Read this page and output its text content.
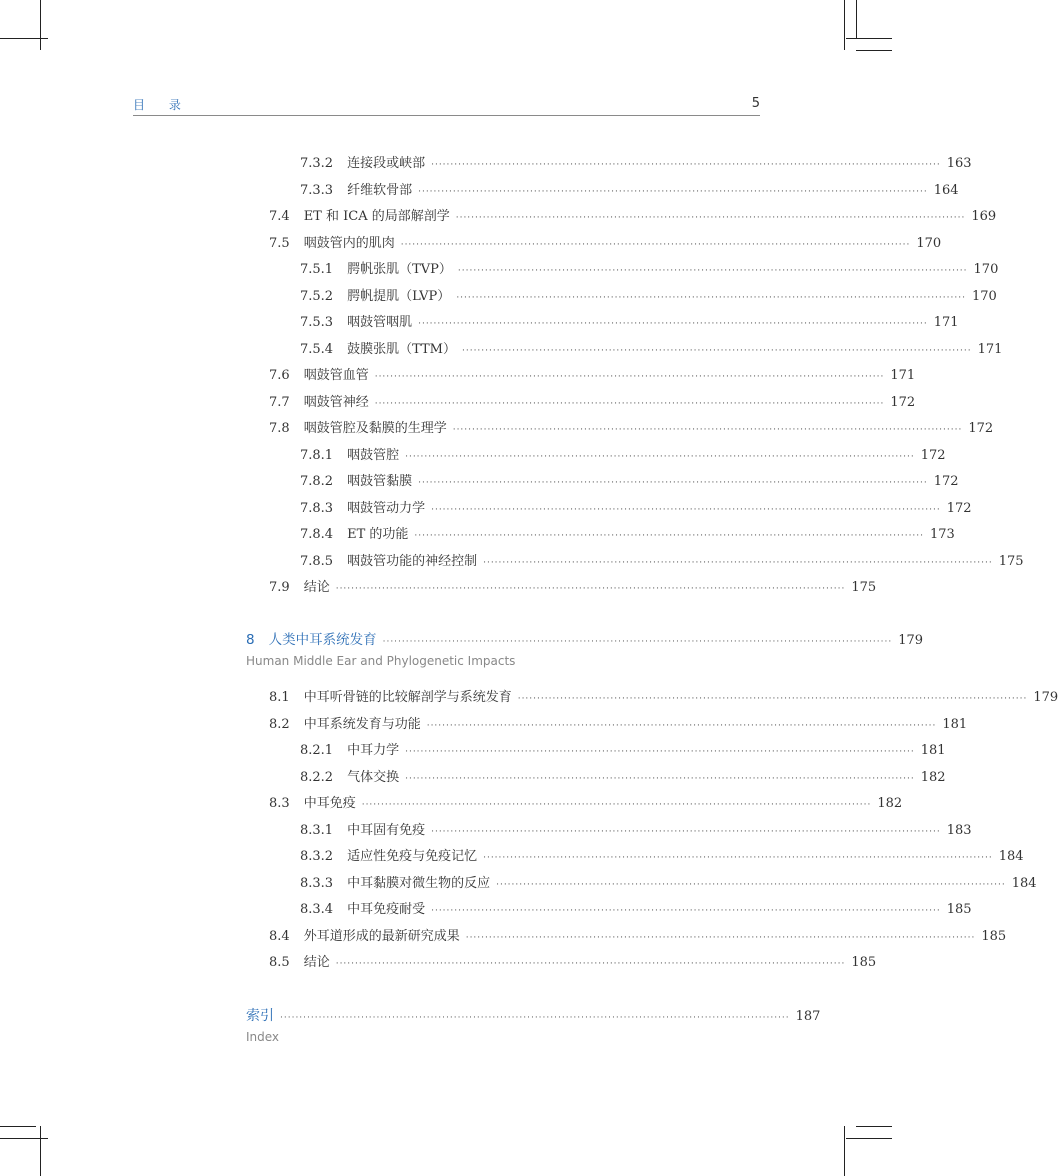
目 录	5
7.3.2 连接段或峡部 ···································································································································· 163
7.3.3 纤维软骨部 ···································································································································· 164
7.4 ET 和 ICA 的局部解剖学 ···································································································································· 169
7.5 咽鼓管内的肌肉 ···································································································································· 170
7.5.1 腭帆张肌（TVP） ···································································································································· 170
7.5.2 腭帆提肌（LVP） ···································································································································· 170
7.5.3 咽鼓管咽肌 ···································································································································· 171
7.5.4 鼓膜张肌（TTM） ···································································································································· 171
7.6 咽鼓管血管 ···································································································································· 171
7.7 咽鼓管神经 ···································································································································· 172
7.8 咽鼓管腔及黏膜的生理学 ···································································································································· 172
7.8.1 咽鼓管腔 ···································································································································· 172
7.8.2 咽鼓管黏膜 ···································································································································· 172
7.8.3 咽鼓管动力学 ···································································································································· 172
7.8.4 ET 的功能 ···································································································································· 173
7.8.5 咽鼓管功能的神经控制 ···································································································································· 175
7.9 结论 ···································································································································· 175
8 人类中耳系统发育 ···································································································································· 179
Human Middle Ear and Phylogenetic Impacts
8.1 中耳听骨链的比较解剖学与系统发育 ···································································································································· 179
8.2 中耳系统发育与功能 ···································································································································· 181
8.2.1 中耳力学 ···································································································································· 181
8.2.2 气体交换 ···································································································································· 182
8.3 中耳免疫 ···································································································································· 182
8.3.1 中耳固有免疫 ···································································································································· 183
8.3.2 适应性免疫与免疫记忆 ···································································································································· 184
8.3.3 中耳黏膜对微生物的反应 ···································································································································· 184
8.3.4 中耳免疫耐受 ···································································································································· 185
8.4 外耳道形成的最新研究成果 ···································································································································· 185
8.5 结论 ···································································································································· 185
索引 ···································································································································· 187
Index
